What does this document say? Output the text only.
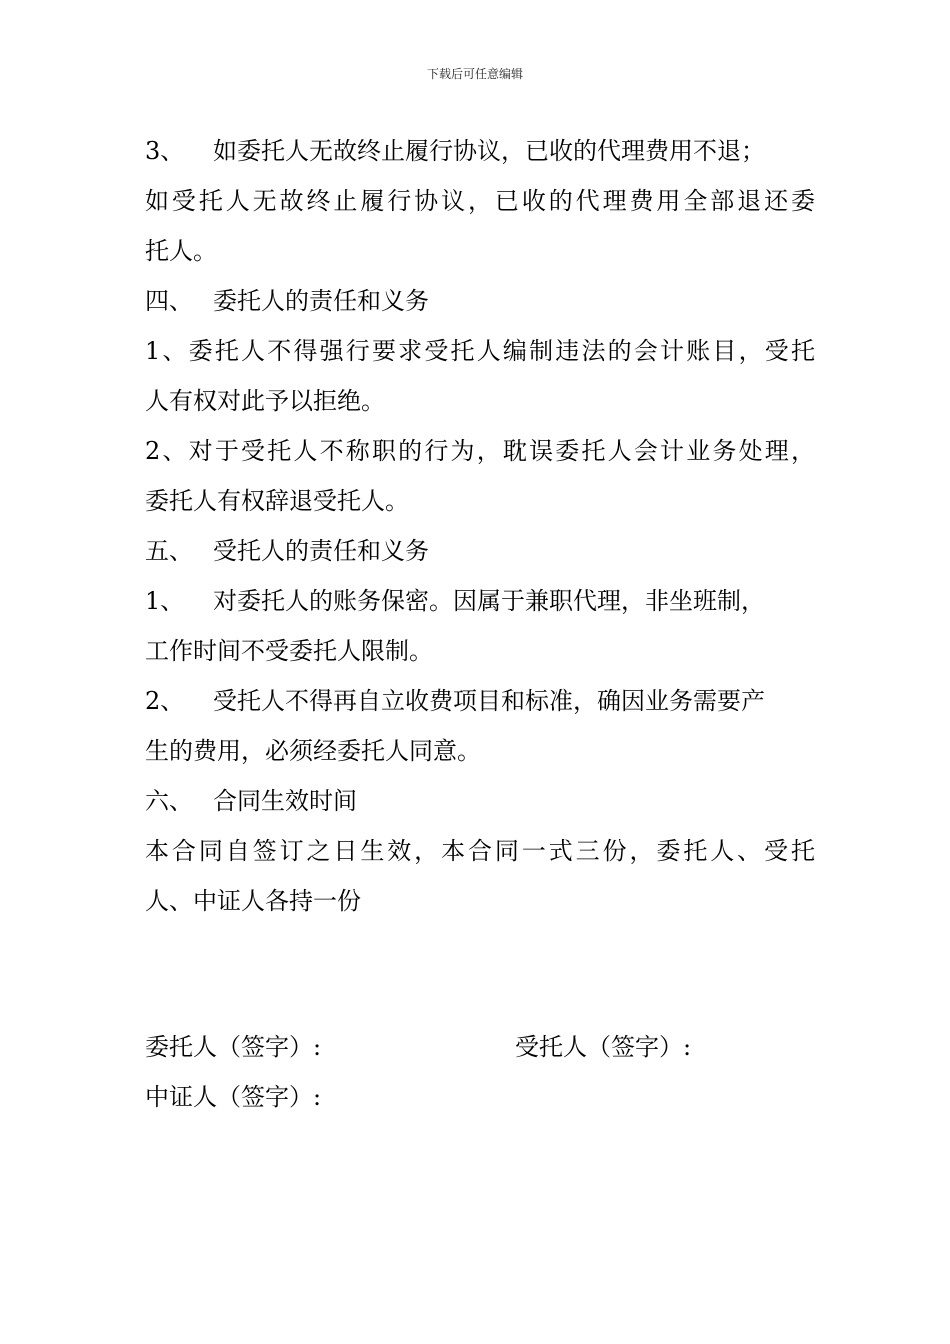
下载后可任意编辑
3、 如委托人无故终止履行协议，已收的代理费用不退；
如受托人无故终止履行协议，已收的代理费用全部退还委
托人。
四、 委托人的责任和义务
1、委托人不得强行要求受托人编制违法的会计账目，受托
人有权对此予以拒绝。
2、对于受托人不称职的行为，耽误委托人会计业务处理，
委托人有权辞退受托人。
五、 受托人的责任和义务
1、 对委托人的账务保密。因属于兼职代理，非坐班制，
工作时间不受委托人限制。
2、 受托人不得再自立收费项目和标准，确因业务需要产
生的费用，必须经委托人同意。
六、 合同生效时间
本合同自签订之日生效，本合同一式三份，委托人、受托
人、中证人各持一份
委托人（签字）:	受托人（签字）:
中证人（签字）:
